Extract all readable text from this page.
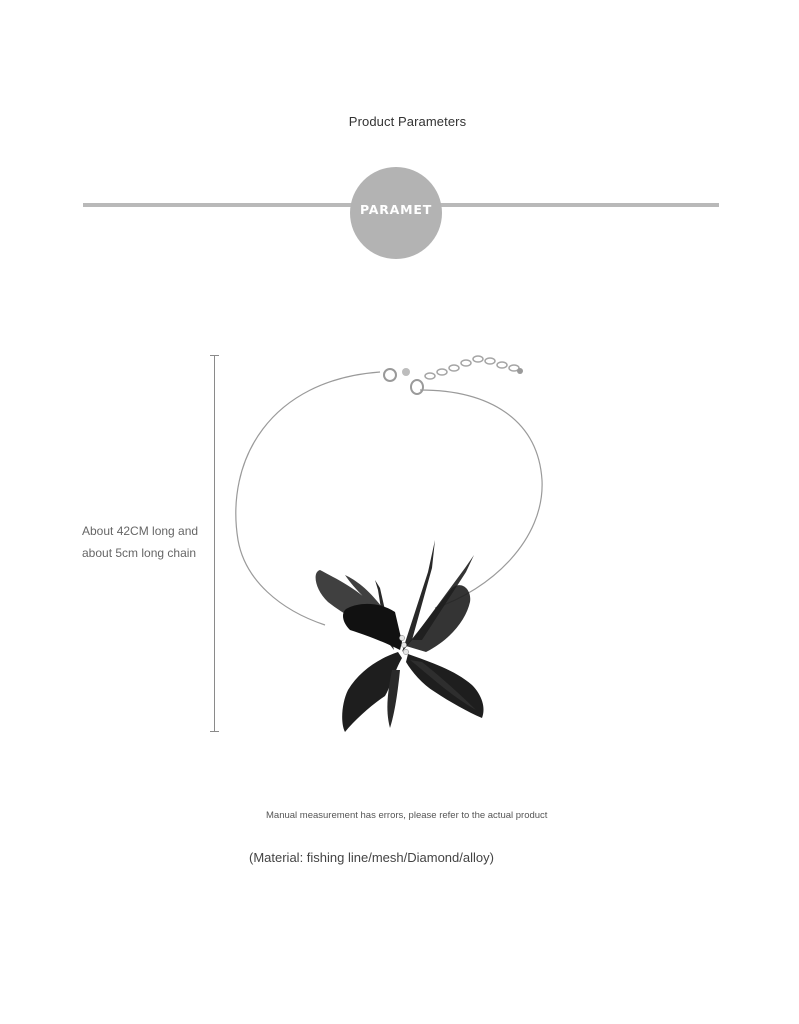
Product Parameters
PARAMET
About 42CM long and
about 5cm long chain
Manual measurement has errors, please refer to the actual product
(Material: fishing line/mesh/Diamond/alloy)
